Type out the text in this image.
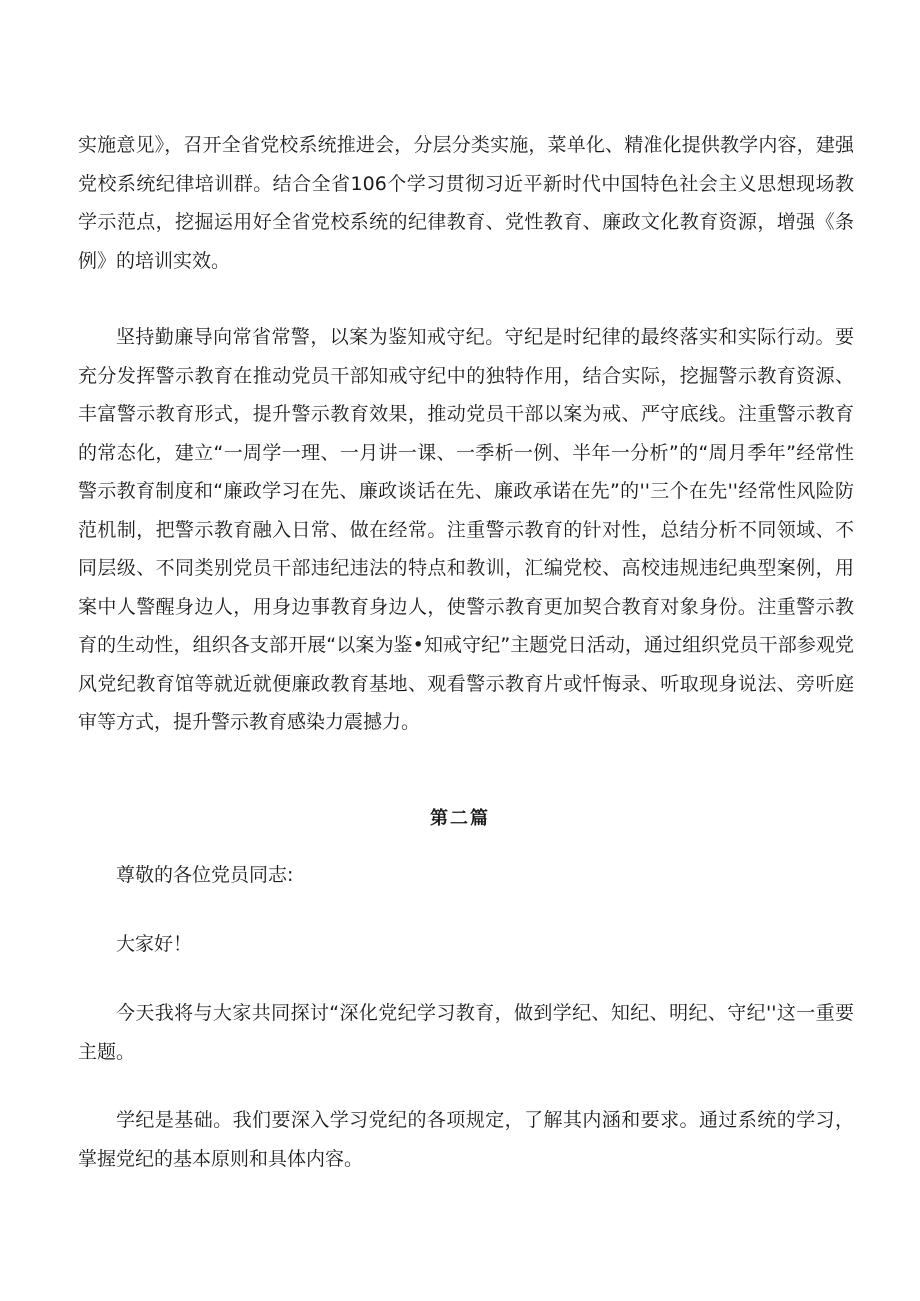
实施意见》，召开全省党校系统推进会，分层分类实施，菜单化、精准化提供教学内容，建强党校系统纪律培训群。结合全省106个学习贯彻习近平新时代中国特色社会主义思想现场教学示范点，挖掘运用好全省党校系统的纪律教育、党性教育、廉政文化教育资源，增强《条例》的培训实效。

坚持勤廉导向常省常警，以案为鉴知戒守纪。守纪是时纪律的最终落实和实际行动。要充分发挥警示教育在推动党员干部知戒守纪中的独特作用，结合实际，挖掘警示教育资源、丰富警示教育形式，提升警示教育效果，推动党员干部以案为戒、严守底线。注重警示教育的常态化，建立“一周学一理、一月讲一课、一季析一例、半年一分析”的“周月季年”经常性警示教育制度和“廉政学习在先、廉政谈话在先、廉政承诺在先”的''三个在先''经常性风险防范机制，把警示教育融入日常、做在经常。注重警示教育的针对性，总结分析不同领域、不同层级、不同类别党员干部违纪违法的特点和教训，汇编党校、高校违规违纪典型案例，用案中人警醒身边人，用身边事教育身边人，使警示教育更加契合教育对象身份。注重警示教育的生动性，组织各支部开展“以案为鉴•知戒守纪”主题党日活动，通过组织党员干部参观党风党纪教育馆等就近就便廉政教育基地、观看警示教育片或忏悔录、听取现身说法、旁听庭审等方式，提升警示教育感染力震撼力。

第二篇

尊敬的各位党员同志:

大家好！

今天我将与大家共同探讨“深化党纪学习教育，做到学纪、知纪、明纪、守纪''这一重要主题。

学纪是基础。我们要深入学习党纪的各项规定，了解其内涵和要求。通过系统的学习，掌握党纪的基本原则和具体内容。
